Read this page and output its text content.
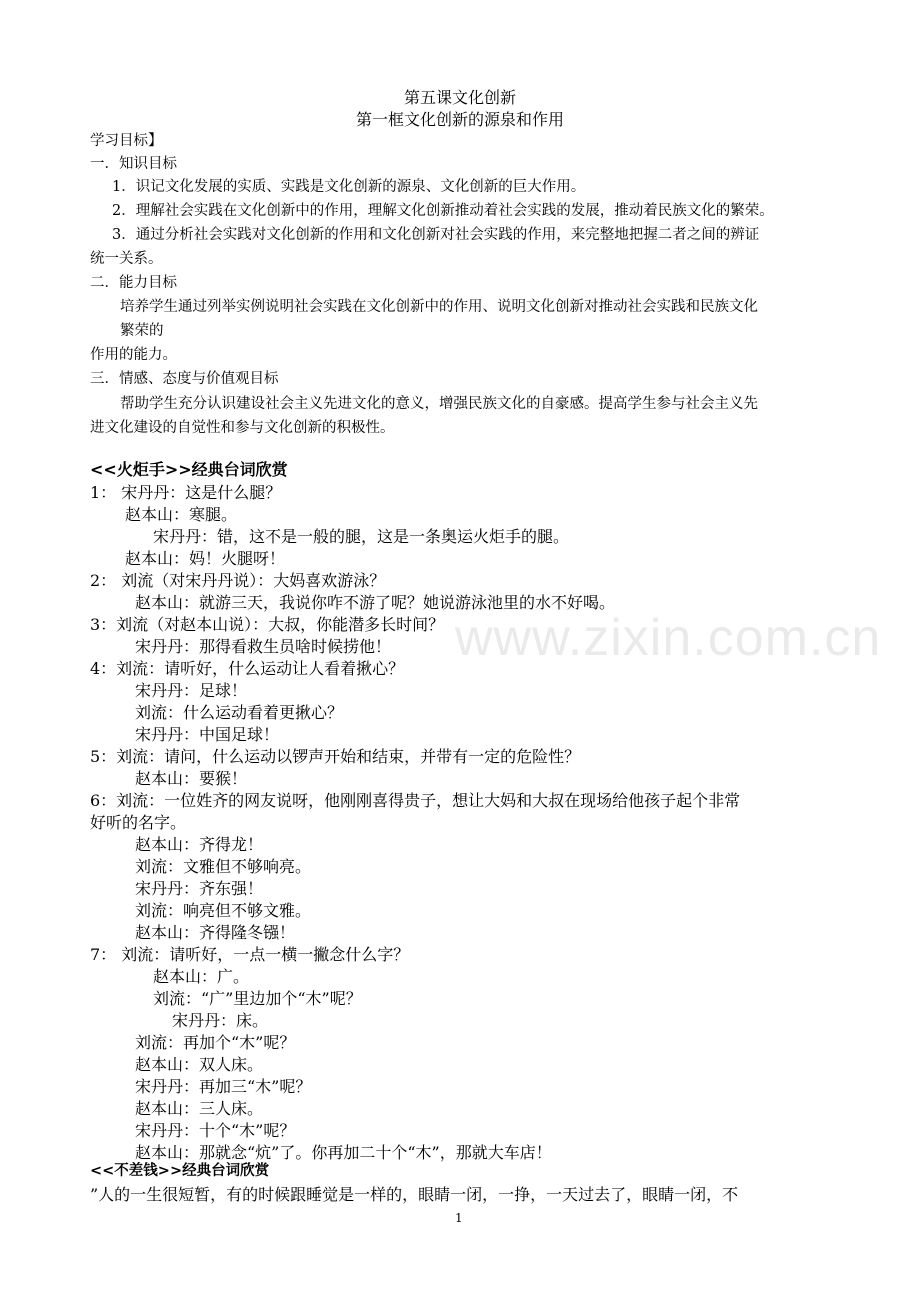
www.zixin.com.cn
第五课文化创新
第一框文化创新的源泉和作用
学习目标】
一．知识目标
1．识记文化发展的实质、实践是文化创新的源泉、文化创新的巨大作用。
2．理解社会实践在文化创新中的作用，理解文化创新推动着社会实践的发展，推动着民族文化的繁荣。
3．通过分析社会实践对文化创新的作用和文化创新对社会实践的作用，来完整地把握二者之间的辨证
统一关系。
二．能力目标
培养学生通过列举实例说明社会实践在文化创新中的作用、说明文化创新对推动社会实践和民族文化
繁荣的
作用的能力。
三．情感、态度与价值观目标
帮助学生充分认识建设社会主义先进文化的意义，增强民族文化的自豪感。提高学生参与社会主义先
进文化建设的自觉性和参与文化创新的积极性。
<<火炬手>>经典台词欣赏
1： 宋丹丹：这是什么腿？
赵本山：寒腿。
宋丹丹：错，这不是一般的腿，这是一条奥运火炬手的腿。
赵本山：妈！火腿呀！
2： 刘流（对宋丹丹说）：大妈喜欢游泳？
赵本山：就游三天，我说你咋不游了呢？她说游泳池里的水不好喝。
3：刘流（对赵本山说）：大叔，你能潜多长时间？
宋丹丹：那得看救生员啥时候捞他！
4：刘流：请听好，什么运动让人看着揪心？
宋丹丹：足球！
刘流：什么运动看着更揪心？
宋丹丹：中国足球！
5：刘流：请问，什么运动以锣声开始和结束，并带有一定的危险性？
赵本山：要猴！
6：刘流：一位姓齐的网友说呀，他刚刚喜得贵子，想让大妈和大叔在现场给他孩子起个非常
好听的名字。
赵本山：齐得龙！
刘流：文雅但不够响亮。
宋丹丹：齐东强！
刘流：响亮但不够文雅。
赵本山：齐得隆冬镪！
7： 刘流：请听好，一点一横一撇念什么字？
赵本山：广。
刘流：“广”里边加个“木”呢？
宋丹丹：床。
刘流：再加个“木”呢？
赵本山：双人床。
宋丹丹：再加三“木”呢？
赵本山：三人床。
宋丹丹：十个“木”呢？
赵本山：那就念“炕”了。你再加二十个“木”，那就大车店！
<<不差钱>>经典台词欣赏
”人的一生很短暂，有的时候跟睡觉是一样的，眼睛一闭，一挣，一天过去了，眼睛一闭，不
1
